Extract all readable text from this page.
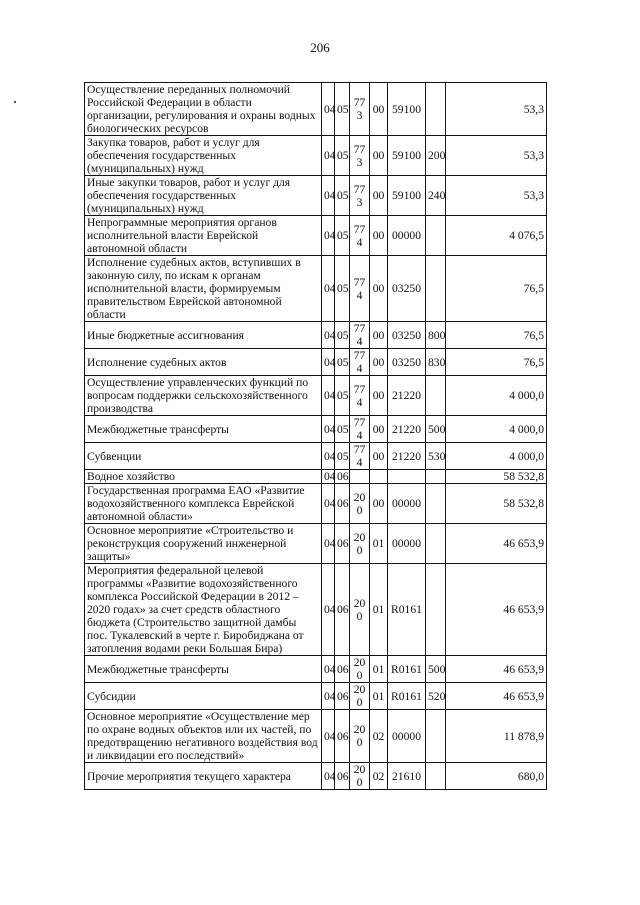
206
Осуществление переданных полномочий Российской Федерации в области организации, регулирования и охраны водных биологических ресурсов	04	05	77 3	00	59100		53,3
Закупка товаров, работ и услуг для обеспечения государственных (муниципальных) нужд	04	05	77 3	00	59100	200	53,3
Иные закупки товаров, работ и услуг для обеспечения государственных (муниципальных) нужд	04	05	77 3	00	59100	240	53,3
Непрограммные мероприятия органов исполнительной власти Еврейской автономной области	04	05	77 4	00	00000		4 076,5
Исполнение судебных актов, вступивших в законную силу, по искам к органам исполнительной власти, формируемым правительством Еврейской автономной области	04	05	77 4	00	03250		76,5
Иные бюджетные ассигнования	04	05	77 4	00	03250	800	76,5
Исполнение судебных актов	04	05	77 4	00	03250	830	76,5
Осуществление управленческих функций по вопросам поддержки сельскохозяйственного производства	04	05	77 4	00	21220		4 000,0
Межбюджетные трансферты	04	05	77 4	00	21220	500	4 000,0
Субвенции	04	05	77 4	00	21220	530	4 000,0
Водное хозяйство	04	06					58 532,8
Государственная программа ЕАО «Развитие водохозяйственного комплекса Еврейской автономной области»	04	06	20 0	00	00000		58 532,8
Основное мероприятие «Строительство и реконструкция сооружений инженерной защиты»	04	06	20 0	01	00000		46 653,9
Мероприятия федеральной целевой программы «Развитие водохозяйственного комплекса Российской Федерации в 2012 – 2020 годах» за счет средств областного бюджета (Строительство защитной дамбы пос. Тукалевский в черте г. Биробиджана от затопления водами реки Большая Бира)	04	06	20 0	01	R0161		46 653,9
Межбюджетные трансферты	04	06	20 0	01	R0161	500	46 653,9
Субсидии	04	06	20 0	01	R0161	520	46 653,9
Основное мероприятие «Осуществление мер по охране водных объектов или их частей, по предотвращению негативного воздействия вод и ликвидации его последствий»	04	06	20 0	02	00000		11 878,9
Прочие мероприятия текущего характера	04	06	20 0	02	21610		680,0
